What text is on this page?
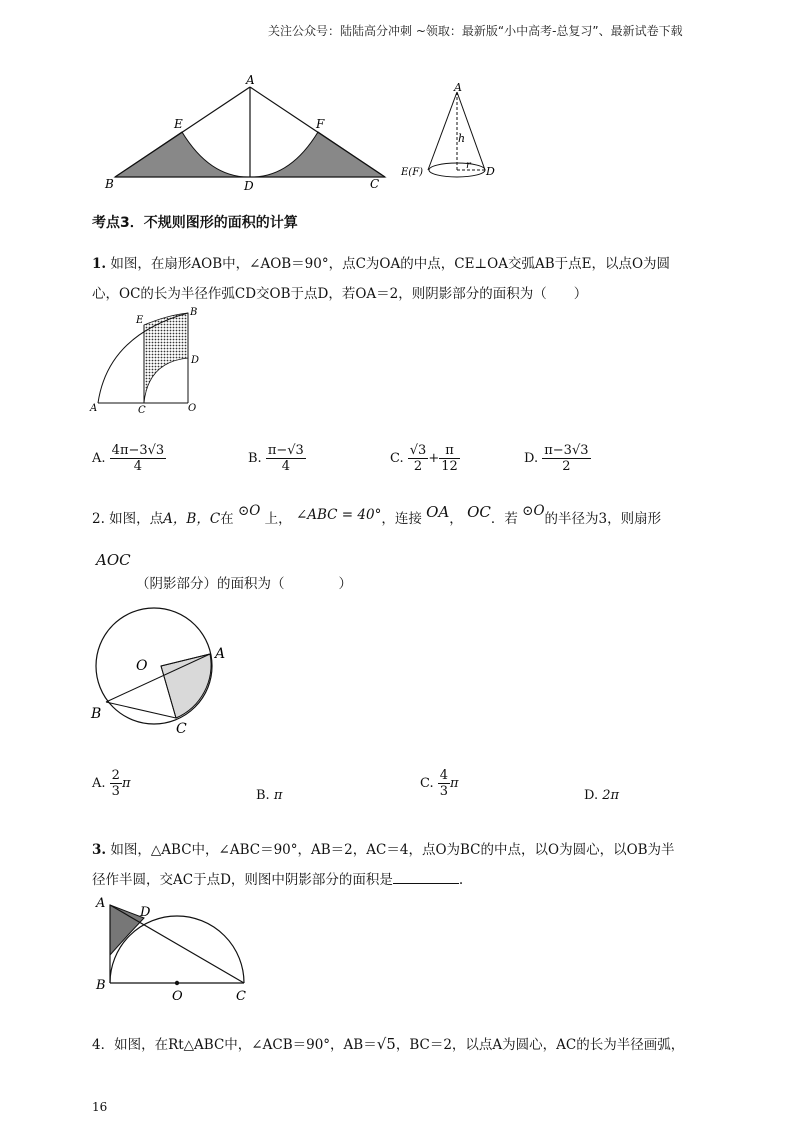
关注公众号：陆陆高分冲刺 ~领取：最新版“小中高考-总复习”、最新试卷下载
A
B	C
D
E	F
A
h
r
E(F)	D
考点3．不规则图形的面积的计算
1. 如图，在扇形AOB中，∠AOB＝90°，点C为OA的中点，CE⊥OA交弧AB于点E，以点O为圆
心，OC的长为半径作弧CD交OB于点D，若OA＝2，则阴影部分的面积为（　　）
A
B
C
D
E
O
A. $\frac{4\pi-3√3}{4}$	B. $\frac{\pi-√3}{4}$	C. $\frac{√3}{2} + \frac{\pi}{12}$	D. $\frac{\pi-3√3}{2}$
2. 如图，点A，B，C在 ⊙O 上， ∠ABC = 40°，连接 OA， OC．若 ⊙O的半径为3，则扇形
AOC
（阴影部分）的面积为（　　　　）
O
A
B
C
A. $\frac{2}{3}$ π
B. π
C. $\frac{4}{3}$ π
D. 2π
3. 如图，△ABC中，∠ABC＝90°，AB＝2，AC＝4，点O为BC的中点，以O为圆心，以OB为半
径作半圆，交AC于点D，则图中阴影部分的面积是	.
A
B
C
D
O
4．如图，在Rt△ABC中，∠ACB＝90°，AB＝√5，BC＝2，以点A为圆心，AC的长为半径画弧，
16
